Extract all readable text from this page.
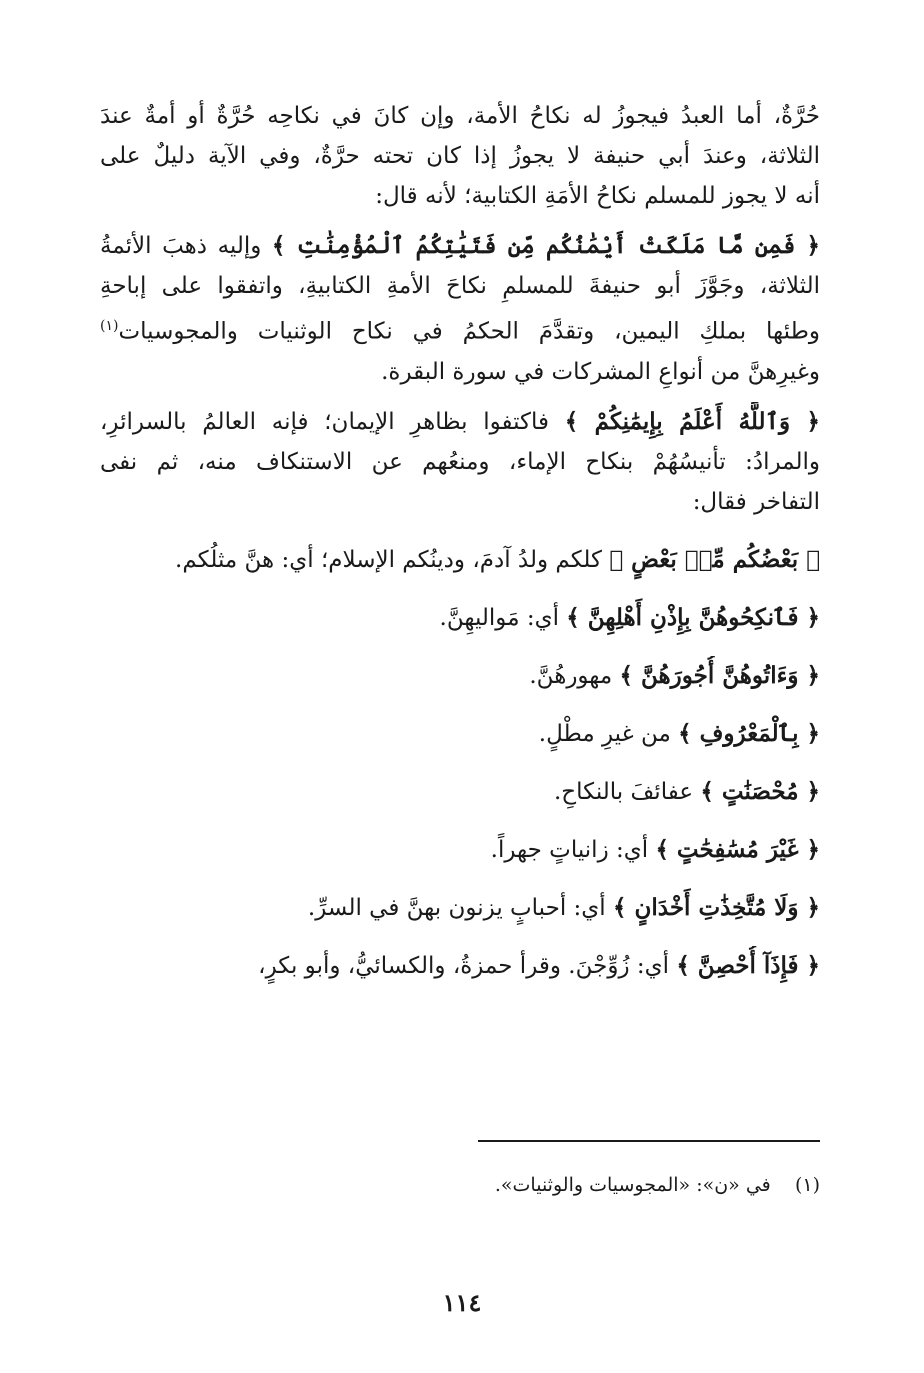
حُرَّةٌ، أما العبدُ فيجوزُ له نكاحُ الأمة، وإن كانَ في نكاحِه حُرَّةٌ أو أمةٌ عندَ
الثلاثة، وعندَ أبي حنيفة لا يجوزُ إذا كان تحته حرَّةٌ، وفي الآية دليلٌ على
أنه لا يجوز للمسلم نكاحُ الأمَةِ الكتابية؛ لأنه قال:
﴿ فَمِن مَّا مَلَكَتْ أَيْمَٰنُكُم مِّن فَتَيَٰتِكُمُ ٱلْمُؤْمِنَٰتِ ﴾ وإليه ذهبَ الأئمةُ
الثلاثة، وجَوَّزَ أبو حنيفةَ للمسلمِ نكاحَ الأمةِ الكتابيةِ، واتفقوا على إباحةِ
وطئها بملكِ اليمين، وتقدَّمَ الحكمُ في نكاح الوثنيات والمجوسيات$^{(١)}$
وغيرِهنَّ من أنواعِ المشركات في سورة البقرة.
﴿ وَٱللَّهُ أَعْلَمُ بِإِيمَٰنِكُمْ ﴾ فاكتفوا بظاهرِ الإيمان؛ فإنه العالمُ بالسرائرِ،
والمرادُ: تأنيسُهُمْ بنكاح الإماء، ومنعُهم عن الاستنكاف منه، ثم نفى
التفاخر فقال:
﴿ بَعْضُكُم مِّنۢ بَعْضٍ ﴾ كلكم ولدُ آدمَ، ودينُكم الإسلام؛ أي: هنَّ مثلُكم.
﴿ فَٱنكِحُوهُنَّ بِإِذْنِ أَهْلِهِنَّ ﴾ أي: مَواليهِنَّ.
﴿ وَءَاتُوهُنَّ أُجُورَهُنَّ ﴾ مهورهُنَّ.
﴿ بِٱلْمَعْرُوفِ ﴾ من غيرِ مطْلٍ.
﴿ مُحْصَنَٰتٍ ﴾ عفائفَ بالنكاحِ.
﴿ غَيْرَ مُسَٰفِحَٰتٍ ﴾ أي: زانياتٍ جهراً.
﴿ وَلَا مُتَّخِذَٰتِ أَخْدَانٍ ﴾ أي: أحبابٍ يزنون بهنَّ في السرِّ.
﴿ فَإِذَآ أُحْصِنَّ ﴾ أي: زُوِّجْنَ. وقرأ حمزةُ، والكسائيُّ، وأبو بكرٍ،
(١)    في «ن»: «المجوسيات والوثنيات».
١١٤
